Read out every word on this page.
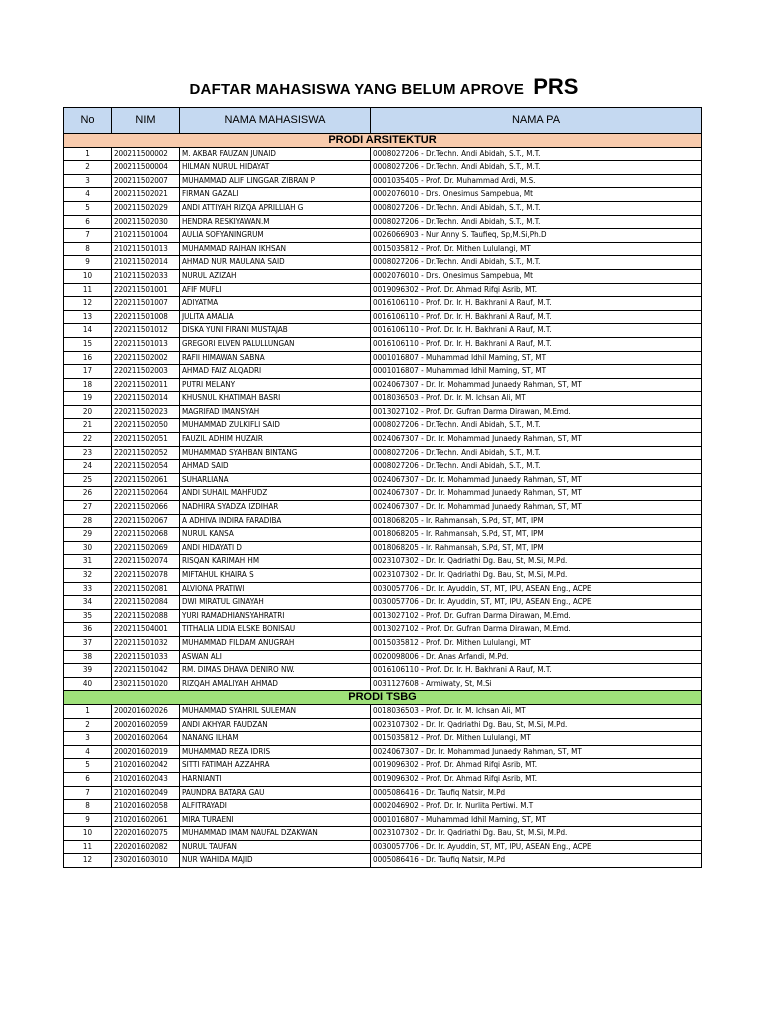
DAFTAR MAHASISWA YANG BELUM APROVE PRS
No	NIM	NAMA MAHASISWA	NAMA PA
PRODI ARSITEKTUR			
1	200211500002	M. AKBAR FAUZAN JUNAID	0008027206 - Dr.Techn. Andi Abidah, S.T., M.T.
2	200211500004	HILMAN NURUL HIDAYAT	0008027206 - Dr.Techn. Andi Abidah, S.T., M.T.
3	200211502007	MUHAMMAD ALIF LINGGAR ZIBRAN P	0001035405 - Prof. Dr. Muhammad Ardi, M.S.
4	200211502021	FIRMAN GAZALI	0002076010 - Drs. Onesimus Sampebua, Mt
5	200211502029	ANDI ATTIYAH RIZQA APRILLIAH G	0008027206 - Dr.Techn. Andi Abidah, S.T., M.T.
6	200211502030	HENDRA RESKIYAWAN.M	0008027206 - Dr.Techn. Andi Abidah, S.T., M.T.
7	210211501004	AULIA SOFYANINGRUM	0026066903 - Nur Anny S. Taufieq, Sp,M.Si,Ph.D
8	210211501013	MUHAMMAD RAIHAN IKHSAN	0015035812 - Prof. Dr. Mithen Lululangi, MT
9	210211502014	AHMAD NUR MAULANA SAID	0008027206 - Dr.Techn. Andi Abidah, S.T., M.T.
10	210211502033	NURUL AZIZAH	0002076010 - Drs. Onesimus Sampebua, Mt
11	220211501001	AFIF MUFLI	0019096302 - Prof. Dr. Ahmad Rifqi Asrib, MT.
12	220211501007	ADIYATMA	0016106110 - Prof. Dr. Ir. H. Bakhrani A Rauf, M.T.
13	220211501008	JULITA AMALIA	0016106110 - Prof. Dr. Ir. H. Bakhrani A Rauf, M.T.
14	220211501012	DISKA YUNI FIRANI MUSTAJAB	0016106110 - Prof. Dr. Ir. H. Bakhrani A Rauf, M.T.
15	220211501013	GREGORI ELVEN PALULLUNGAN	0016106110 - Prof. Dr. Ir. H. Bakhrani A Rauf, M.T.
16	220211502002	RAFII HIMAWAN SABNA	0001016807 - Muhammad Idhil Maming, ST, MT
17	220211502003	AHMAD FAIZ ALQADRI	0001016807 - Muhammad Idhil Maming, ST, MT
18	220211502011	PUTRI MELANY	0024067307 - Dr. Ir. Mohammad Junaedy Rahman, ST, MT
19	220211502014	KHUSNUL KHATIMAH BASRI	0018036503 - Prof. Dr. Ir. M. Ichsan Ali, MT
20	220211502023	MAGRIFAD IMANSYAH	0013027102 - Prof. Dr. Gufran Darma Dirawan, M.Emd.
21	220211502050	MUHAMMAD ZULKIFLI SAID	0008027206 - Dr.Techn. Andi Abidah, S.T., M.T.
22	220211502051	FAUZIL ADHIM HUZAIR	0024067307 - Dr. Ir. Mohammad Junaedy Rahman, ST, MT
23	220211502052	MUHAMMAD SYAHBAN BINTANG	0008027206 - Dr.Techn. Andi Abidah, S.T., M.T.
24	220211502054	AHMAD SAID	0008027206 - Dr.Techn. Andi Abidah, S.T., M.T.
25	220211502061	SUHARLIANA	0024067307 - Dr. Ir. Mohammad Junaedy Rahman, ST, MT
26	220211502064	ANDI SUHAIL MAHFUDZ	0024067307 - Dr. Ir. Mohammad Junaedy Rahman, ST, MT
27	220211502066	NADHIRA SYADZA IZDIHAR	0024067307 - Dr. Ir. Mohammad Junaedy Rahman, ST, MT
28	220211502067	A ADHIVA INDIRA FARADIBA	0018068205 - Ir. Rahmansah, S.Pd, ST, MT, IPM
29	220211502068	NURUL KANSA	0018068205 - Ir. Rahmansah, S.Pd, ST, MT, IPM
30	220211502069	ANDI HIDAYATI D	0018068205 - Ir. Rahmansah, S.Pd, ST, MT, IPM
31	220211502074	RISQAN KARIMAH HM	0023107302 - Dr. Ir. Qadriathi Dg. Bau, St, M.Si, M.Pd.
32	220211502078	MIFTAHUL KHAIRA S	0023107302 - Dr. Ir. Qadriathi Dg. Bau, St, M.Si, M.Pd.
33	220211502081	ALVIONA PRATIWI	0030057706 - Dr. Ir. Ayuddin, ST, MT, IPU, ASEAN Eng., ACPE
34	220211502084	DWI MIRATUL GINAYAH	0030057706 - Dr. Ir. Ayuddin, ST, MT, IPU, ASEAN Eng., ACPE
35	220211502088	YURI RAMADHIANSYAHRATRI	0013027102 - Prof. Dr. Gufran Darma Dirawan, M.Emd.
36	220211504001	TITHALIA LIDIA ELSKE BONISAU	0013027102 - Prof. Dr. Gufran Darma Dirawan, M.Emd.
37	220211501032	MUHAMMAD FILDAM ANUGRAH	0015035812 - Prof. Dr. Mithen Lululangi, MT
38	220211501033	ASWAN ALI	0020098006 - Dr. Anas Arfandi, M.Pd.
39	220211501042	RM. DIMAS DHAVA DENIRO NW.	0016106110 - Prof. Dr. Ir. H. Bakhrani A Rauf, M.T.
40	230211501020	RIZQAH AMALIYAH AHMAD	0031127608 - Armiwaty, St, M.Si
PRODI TSBG			
1	200201602026	MUHAMMAD SYAHRIL SULEMAN	0018036503 - Prof. Dr. Ir. M. Ichsan Ali, MT
2	200201602059	ANDI AKHYAR FAUDZAN	0023107302 - Dr. Ir. Qadriathi Dg. Bau, St, M.Si, M.Pd.
3	200201602064	NANANG ILHAM	0015035812 - Prof. Dr. Mithen Lululangi, MT
4	200201602019	MUHAMMAD REZA IDRIS	0024067307 - Dr. Ir. Mohammad Junaedy Rahman, ST, MT
5	210201602042	SITTI FATIMAH AZZAHRA	0019096302 - Prof. Dr. Ahmad Rifqi Asrib, MT.
6	210201602043	HARNIANTI	0019096302 - Prof. Dr. Ahmad Rifqi Asrib, MT.
7	210201602049	PAUNDRA BATARA GAU	0005086416 - Dr. Taufiq Natsir, M.Pd
8	210201602058	ALFITRAYADI	0002046902 - Prof. Dr. Ir. Nurlita Pertiwi. M.T
9	210201602061	MIRA TURAENI	0001016807 - Muhammad Idhil Maming, ST, MT
10	220201602075	MUHAMMAD IMAM NAUFAL DZAKWAN	0023107302 - Dr. Ir. Qadriathi Dg. Bau, St, M.Si, M.Pd.
11	220201602082	NURUL TAUFAN	0030057706 - Dr. Ir. Ayuddin, ST, MT, IPU, ASEAN Eng., ACPE
12	230201603010	NUR WAHIDA MAJID	0005086416 - Dr. Taufiq Natsir, M.Pd
